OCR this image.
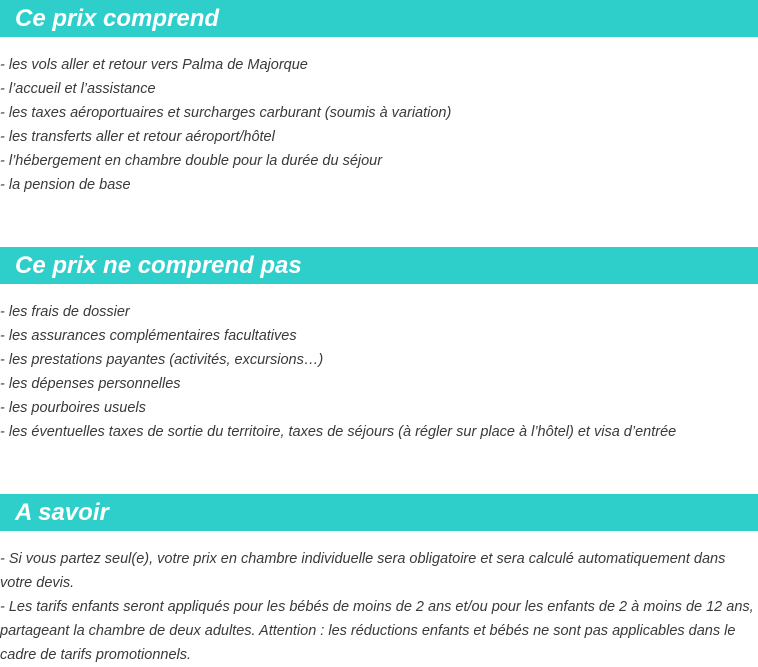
Ce prix comprend
- les vols aller et retour vers Palma de Majorque
- l’accueil et l’assistance
- les taxes aéroportuaires et surcharges carburant (soumis à variation)
- les transferts aller et retour aéroport/hôtel
- l’hébergement en chambre double pour la durée du séjour
- la pension de base
Ce prix ne comprend pas
- les frais de dossier
- les assurances complémentaires facultatives
- les prestations payantes (activités, excursions…)
- les dépenses personnelles
- les pourboires usuels
- les éventuelles taxes de sortie du territoire, taxes de séjours (à régler sur place à l’hôtel) et visa d’entrée
A savoir
- Si vous partez seul(e), votre prix en chambre individuelle sera obligatoire et sera calculé automatiquement dans votre devis.
- Les tarifs enfants seront appliqués pour les bébés de moins de 2 ans et/ou pour les enfants de 2 à moins de 12 ans, partageant la chambre de deux adultes. Attention : les réductions enfants et bébés ne sont pas applicables dans le cadre de tarifs promotionnels.
